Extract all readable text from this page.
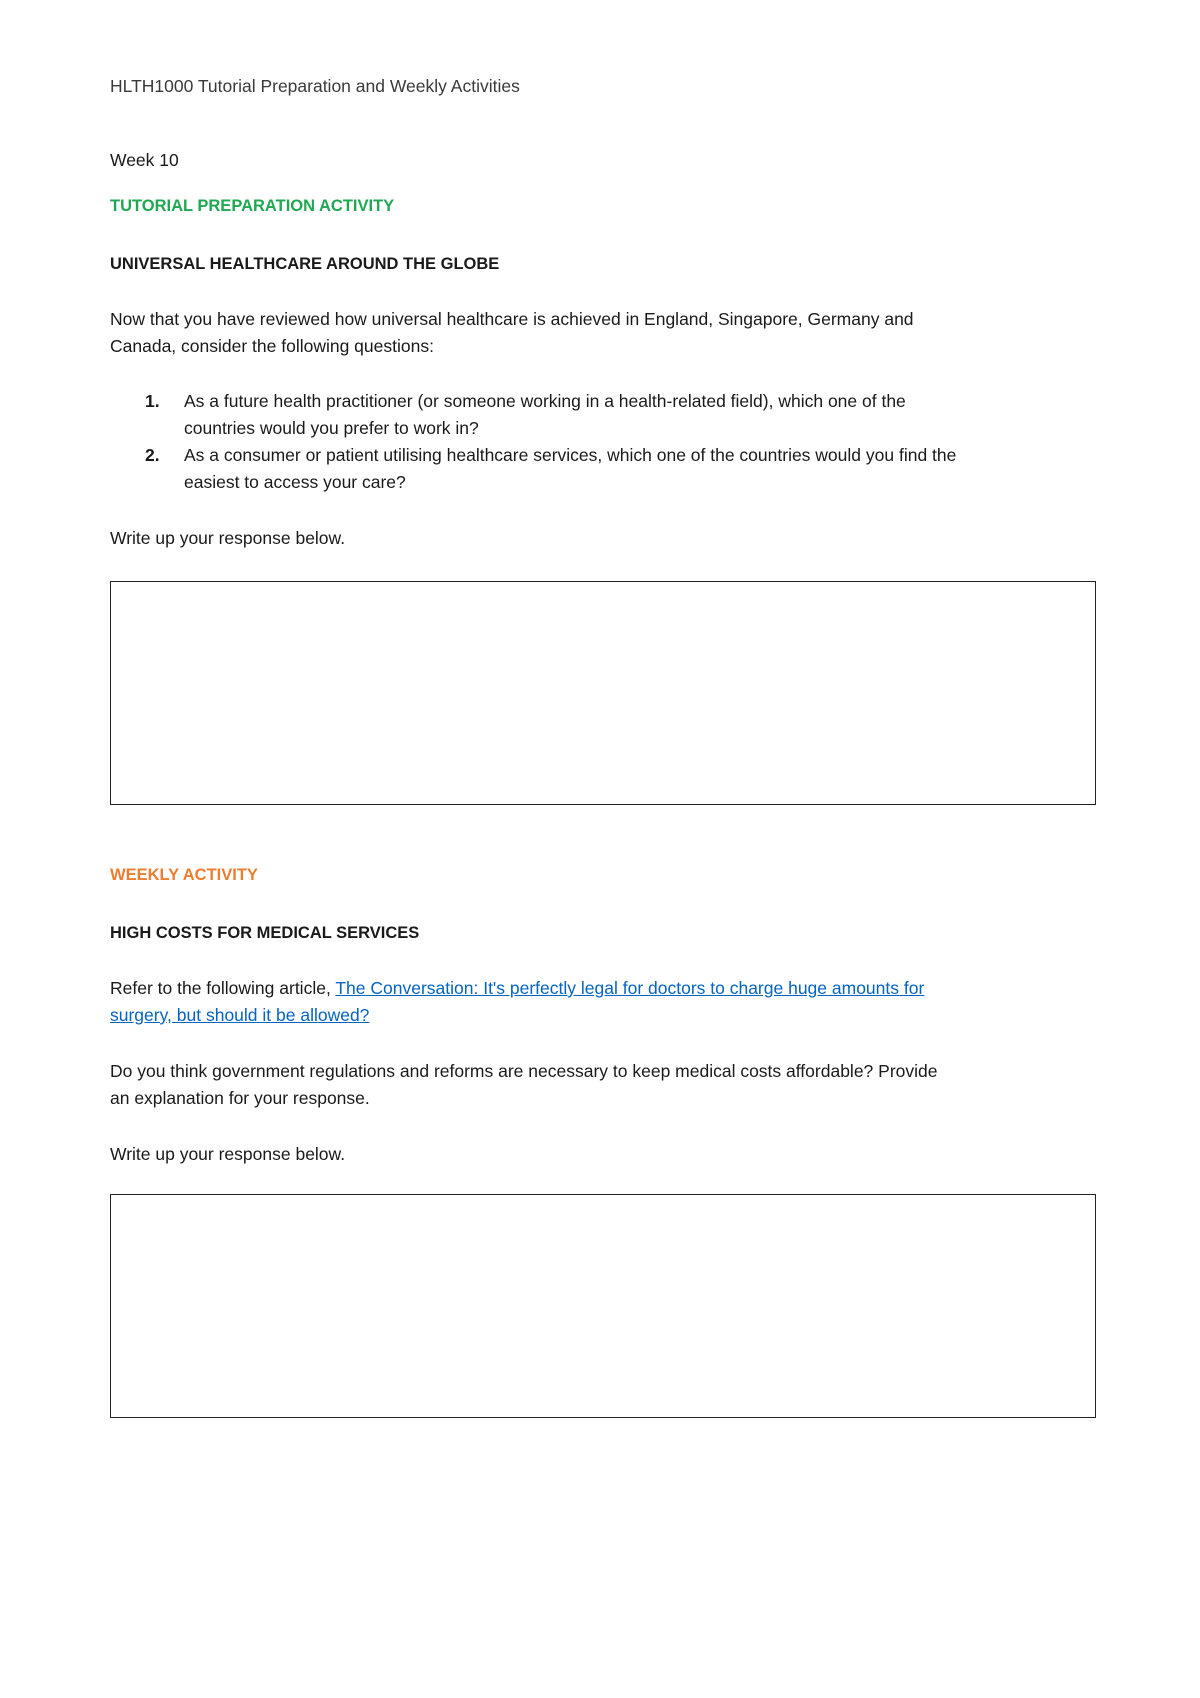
HLTH1000 Tutorial Preparation and Weekly Activities

Week 10

TUTORIAL PREPARATION ACTIVITY

UNIVERSAL HEALTHCARE AROUND THE GLOBE

Now that you have reviewed how universal healthcare is achieved in England, Singapore, Germany and
Canada, consider the following questions:
1. As a future health practitioner (or someone working in a health-related field), which one of the
countries would you prefer to work in?
2. As a consumer or patient utilising healthcare services, which one of the countries would you find the
easiest to access your care?

Write up your response below.

WEEKLY ACTIVITY

HIGH COSTS FOR MEDICAL SERVICES

Refer to the following article, The Conversation: It's perfectly legal for doctors to charge huge amounts for
surgery, but should it be allowed?
Do you think government regulations and reforms are necessary to keep medical costs affordable? Provide
an explanation for your response.

Write up your response below.
